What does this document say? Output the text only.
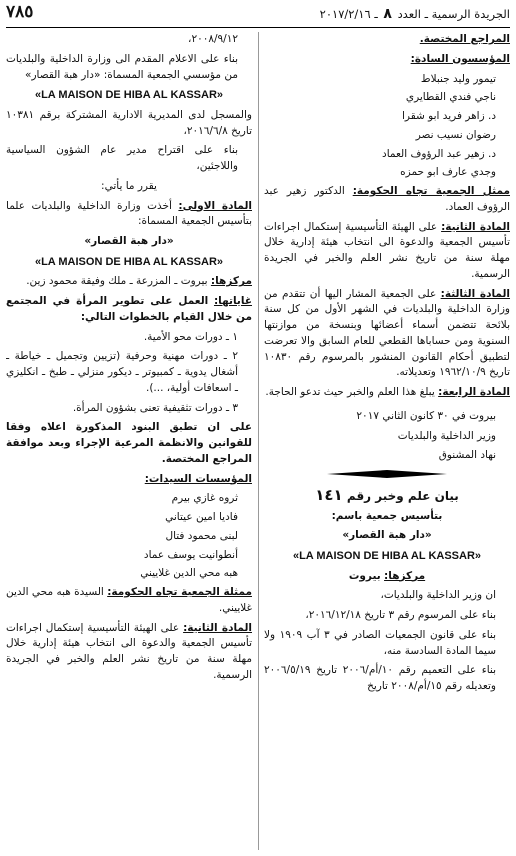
الجريدة الرسمية ـ العدد ٨ ـ ٢٠١٧/٢/١٦
٧٨٥

المراجع المختصة.

المؤسسون السادة:

تيمور وليد جنبلاط

ناجي فندي القطايري

د. زاهر فريد ابو شقرا

رضوان نسيب نصر

د. زهير عبد الرؤوف العماد

وجدي عارف ابو حمزه

ممثل الجمعية تجاه الحكومة: الدكتور زهير عبد الرؤوف العماد.

المادة الثانية: على الهيئة التأسيسية إستكمال اجراءات تأسيس الجمعية والدعوة الى انتخاب هيئة إدارية خلال مهلة سنة من تاريخ نشر العلم والخبر في الجريدة الرسمية.

المادة الثالثة: على الجمعية المشار اليها أن تتقدم من وزارة الداخلية والبلديات في الشهر الأول من كل سنة بلائحة تتضمن أسماء أعضائها وبنسخة من موازنتها السنوية ومن حساباها القطعي للعام السابق والا تعرضت لتطبيق أحكام القانون المنشور بالمرسوم رقم ١٠٨٣٠ تاريخ ١٩٦٢/١٠/٩ وتعديلاته.

المادة الرابعة: يبلغ هذا العلم والخبر حيث تدعو الحاجة.

بيروت في ٣٠ كانون الثاني ٢٠١٧

وزير الداخلية والبلديات

نهاد المشنوق

بيان علم وخبر رقم ١٤١

بتأسيس جمعية باسم:

«دار هبة القصار»

«LA MAISON DE HIBA AL KASSAR»

مركزها: بيروت

ان وزير الداخلية والبلديات،

بناء على المرسوم رقم ٣ تاريخ ٢٠١٦/١٢/١٨،

بناء على قانون الجمعيات الصادر في ٣ آب ١٩٠٩ ولا سيما المادة السادسة منه،

بناء على التعميم رقم ١٠/أم/٢٠٠٦ تاريخ ٢٠٠٦/٥/١٩ وتعديله رقم ١٥/أم/٢٠٠٨ تاريخ

٢٠٠٨/٩/١٢،

بناء على الاعلام المقدم الى وزارة الداخلية والبلديات من مؤسسي الجمعية المسماة: «دار هبة القصار»

«LA MAISON DE HIBA AL KASSAR»

والمسجل لدى المديرية الادارية المشتركة برقم ١٠٣٨١ تاريخ ٢٠١٦/٦/٨،

بناء على اقتراح مدير عام الشؤون السياسية واللاجئين،

يقرر ما يأتي:

المادة الاولى: أخذت وزارة الداخلية والبلديات علما بتأسيس الجمعية المسماة:

«دار هبة القصار»

«LA MAISON DE HIBA AL KASSAR»

مركزها: بيروت ـ المزرعة ـ ملك وفيقة محمود زين.

غاياتها: العمل على تطوير المرأة في المجتمع من خلال القيام بالخطوات التالي:

١ ـ دورات محو الأمية.

٢ ـ دورات مهنية وحرفية (تزيين وتجميل ـ خياطة ـ أشغال يدوية ـ كمبيوتر ـ ديكور منزلي ـ طبخ ـ انكليزي ـ اسعافات أولية، ...).

٣ ـ دورات تثقيفية تعنى بشؤون المرأة.

على ان تطبق البنود المذكورة اعلاه وفقا للقوانين والانظمة المرعية الإجراء وبعد موافقة المراجع المختصة.

المؤسسات السيدات:

ثروه غازي بيرم

فاديا امين عيتاني

لبنى محمود فتال

أنطوانيت يوسف عماد

هبه محي الدين غلاييني

ممثلة الجمعية تجاه الحكومة: السيدة هبه محي الدين غلاييني.

المادة الثانية: على الهيئة التأسيسية إستكمال اجراءات تأسيس الجمعية والدعوة الى انتخاب هيئة إدارية خلال مهلة سنة من تاريخ نشر العلم والخبر في الجريدة الرسمية.
